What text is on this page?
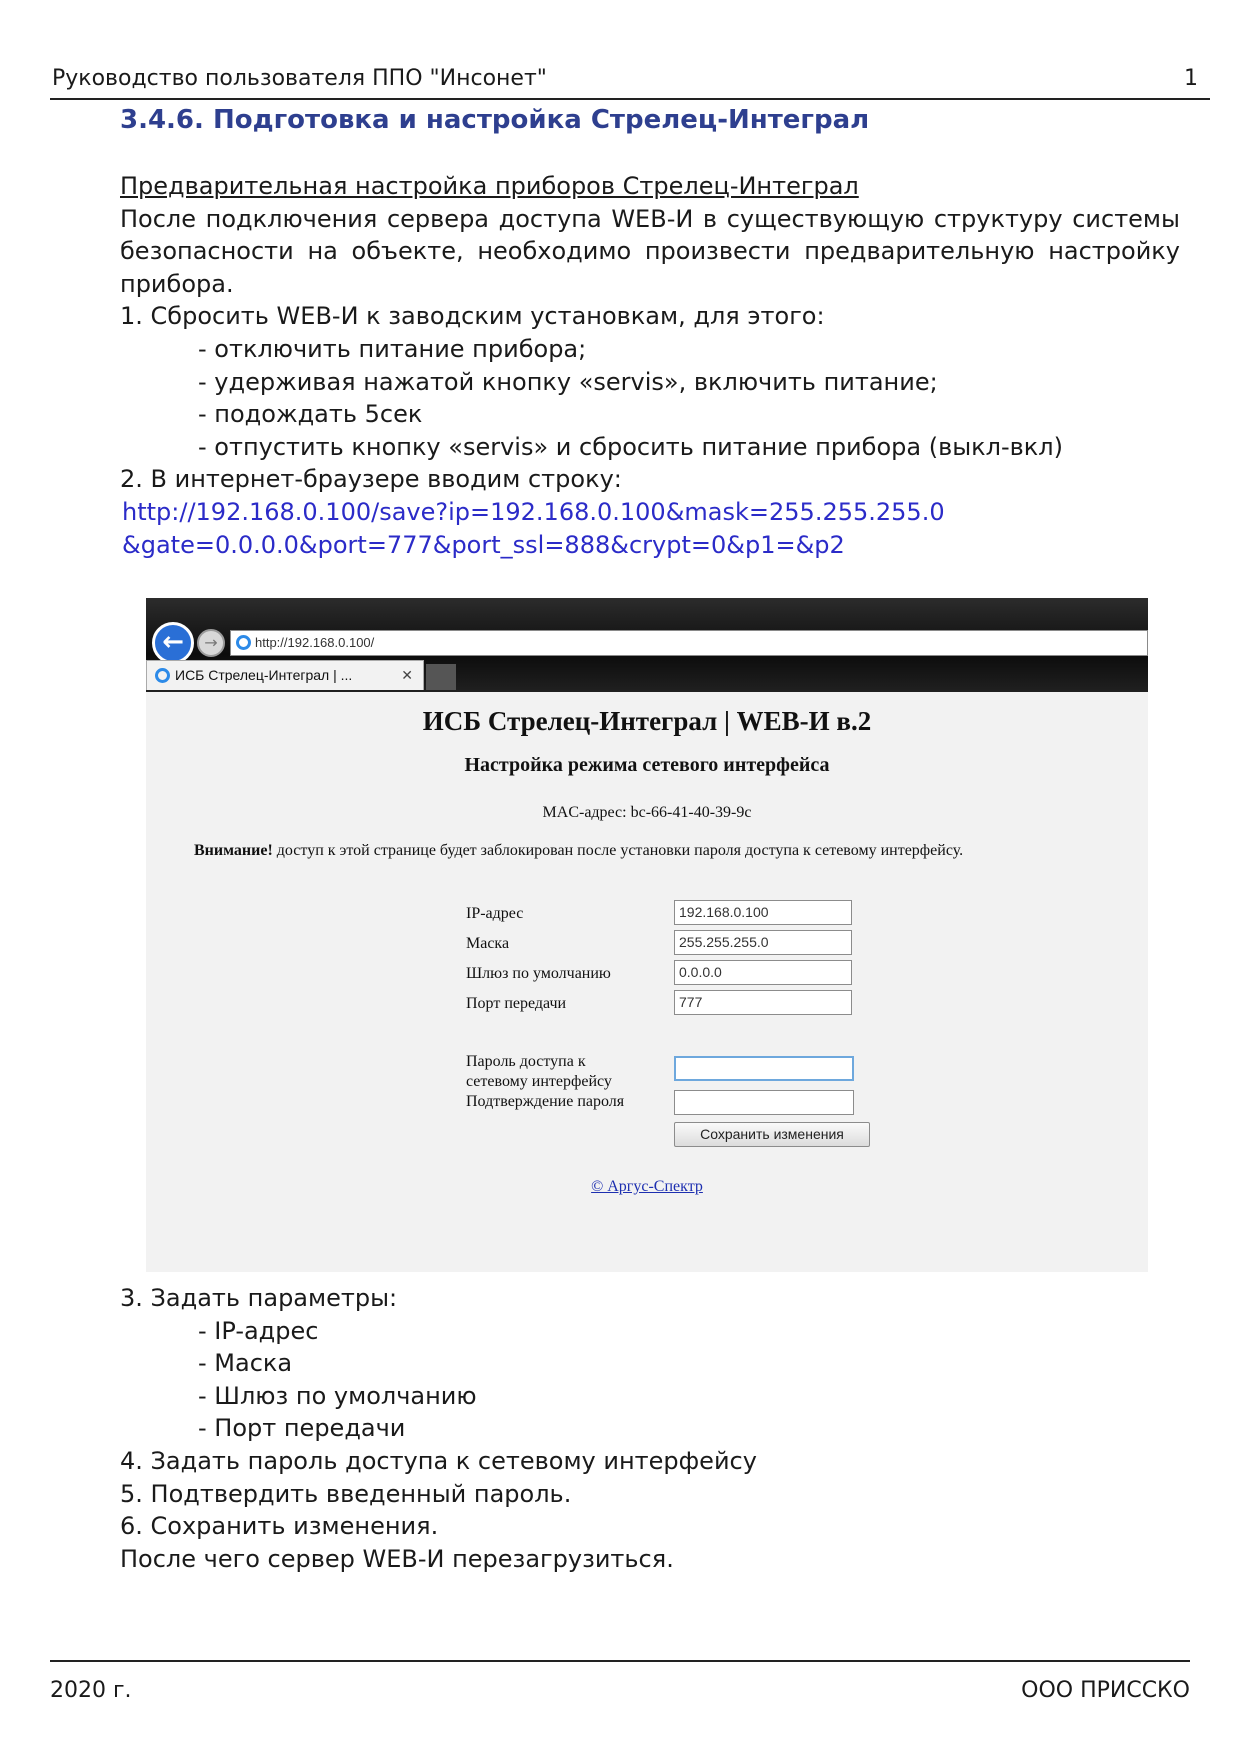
Руководство пользователя ППО "Инсонет"	1
3.4.6. Подготовка и настройка Стрелец-Интеграл

Предварительная настройка приборов Стрелец-Интеграл

После подключения сервера доступа WEB-И в существующую структуру системы

безопасности на объекте, необходимо произвести предварительную настройку

прибора.

1. Сбросить WEB-И к заводским установкам, для этого:

- отключить питание прибора;

- удерживая нажатой кнопку «servis», включить питание;

- подождать 5сек

- отпустить кнопку «servis» и сбросить питание прибора (выкл-вкл)

2. В интернет-браузере вводим строку:

http://192.168.0.100/save?ip=192.168.0.100&mask=255.255.255.0

&gate=0.0.0.0&port=777&port_ssl=888&crypt=0&p1=&p2

←	→	http://192.168.0.100/
ИСБ Стрелец-Интеграл | ...	✕
ИСБ Стрелец-Интеграл | WEB-И в.2
Настройка режима сетевого интерфейса
MAC-адрес: bc-66-41-40-39-9c
Внимание! доступ к этой странице будет заблокирован после установки пароля доступа к сетевому интерфейсу.
IP-адрес	192.168.0.100
Маска	255.255.255.0
Шлюз по умолчанию	0.0.0.0
Порт передачи	777
Пароль доступа к
сетевому интерфейсу
Подтверждение пароля
Сохранить изменения
© Аргус-Спектр

3. Задать параметры:

- IP-адрес

- Маска

- Шлюз по умолчанию

- Порт передачи

4. Задать пароль доступа к сетевому интерфейсу

5. Подтвердить введенный пароль.

6. Сохранить изменения.

После чего сервер WEB-И перезагрузиться.

2020 г.	ООО ПРИССКО
